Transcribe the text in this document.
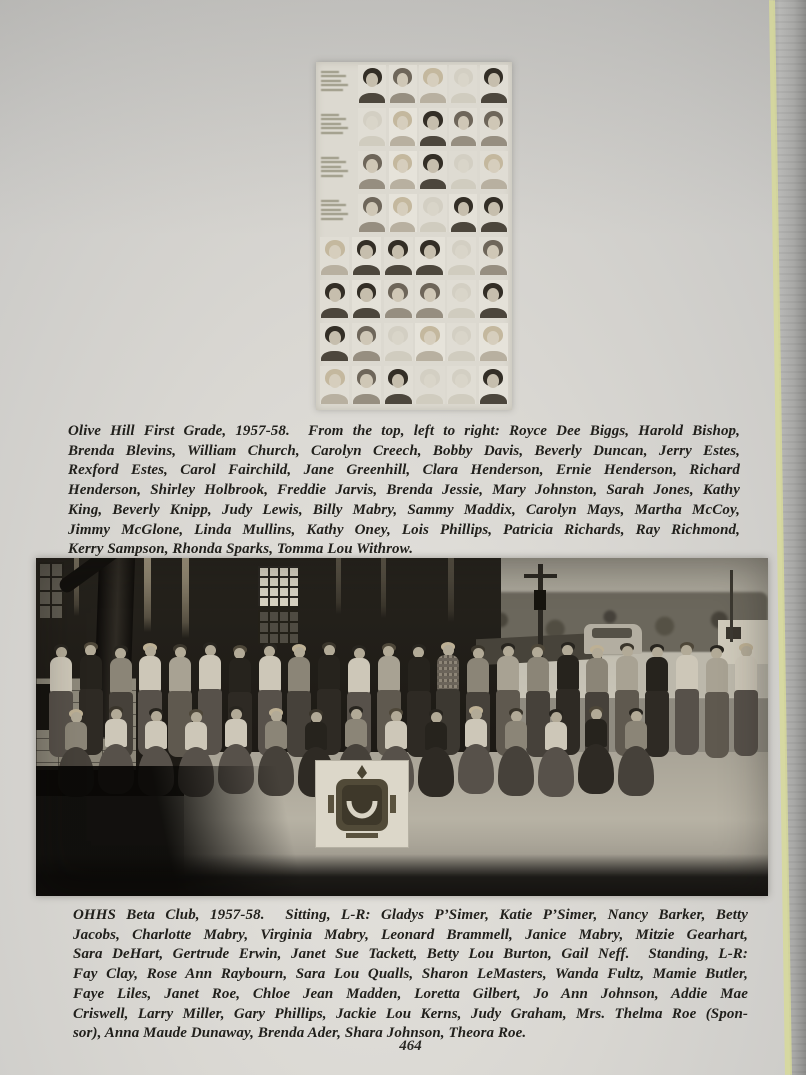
Olive Hill First Grade, 1957-58.  From the top, left to right: Royce Dee Biggs, Harold Bishop,
Brenda Blevins, William Church, Carolyn Creech, Bobby Davis, Beverly Duncan, Jerry Estes,
Rexford Estes, Carol Fairchild, Jane Greenhill, Clara Henderson, Ernie Henderson, Richard
Henderson, Shirley Holbrook, Freddie Jarvis, Brenda Jessie, Mary Johnston, Sarah Jones, Kathy
King, Beverly Knipp, Judy Lewis, Billy Mabry, Sammy Maddix, Carolyn Mays, Martha McCoy,
Jimmy McGlone, Linda Mullins, Kathy Oney, Lois Phillips, Patricia Richards, Ray Richmond,
Kerry Sampson, Rhonda Sparks, Tomma Lou Withrow.
OHHS Beta Club, 1957-58.  Sitting, L-R: Gladys P’Simer, Katie P’Simer, Nancy Barker, Betty
Jacobs, Charlotte Mabry, Virginia Mabry, Leonard Brammell, Janice Mabry, Mitzie Gearhart,
Sara DeHart, Gertrude Erwin, Janet Sue Tackett, Betty Lou Burton, Gail Neff.  Standing, L-R:
Fay Clay, Rose Ann Raybourn, Sara Lou Qualls, Sharon LeMasters, Wanda Fultz, Mamie Butler,
Faye Liles, Janet Roe, Chloe Jean Madden, Loretta Gilbert, Jo Ann Johnson, Addie Mae
Criswell, Larry Miller, Gary Phillips, Jackie Lou Kerns, Judy Graham, Mrs. Thelma Roe (Spon-
sor), Anna Maude Dunaway, Brenda Ader, Shara Johnson, Theora Roe.
464
